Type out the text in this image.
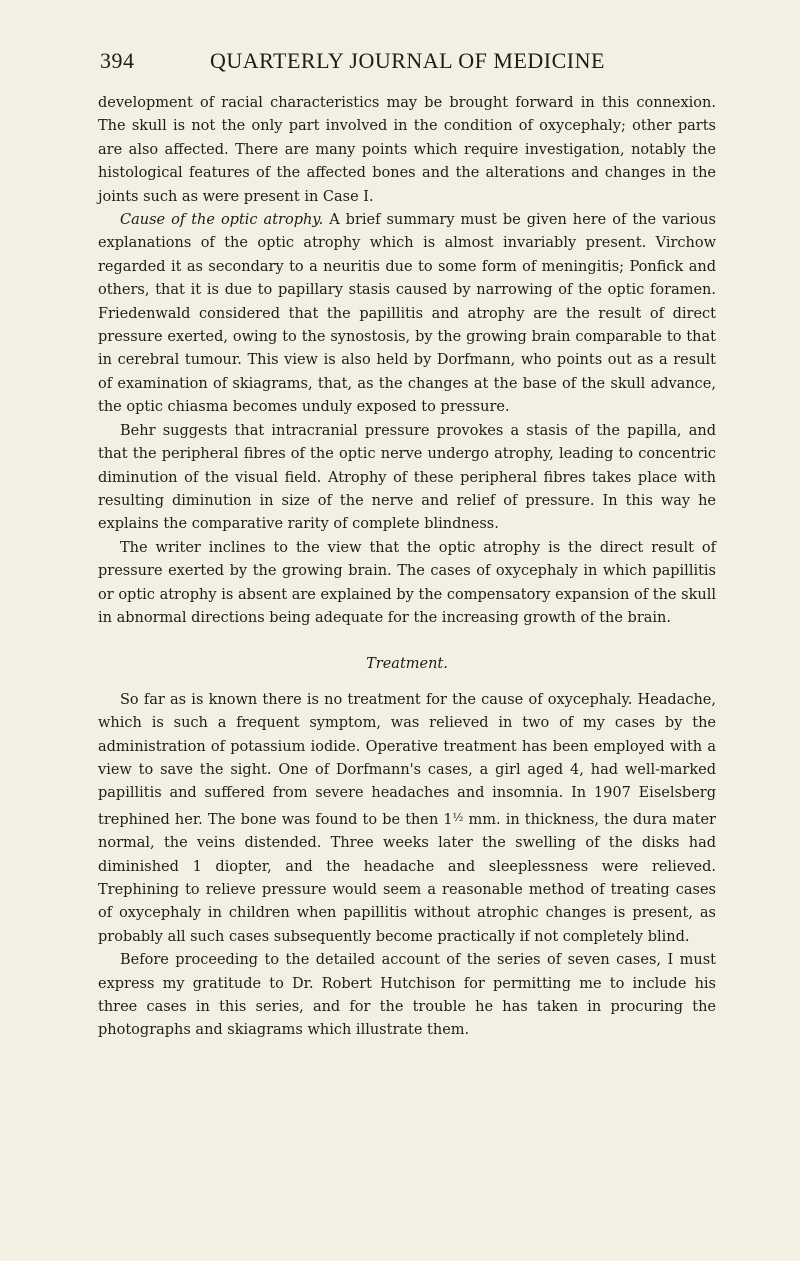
394	QUARTERLY JOURNAL OF MEDICINE

development of racial characteristics may be brought forward in this connexion. The skull is not the only part involved in the condition of oxycephaly; other parts are also affected. There are many points which require investigation, notably the histological features of the affected bones and the alterations and changes in the joints such as were present in Case I.

Cause of the optic atrophy. A brief summary must be given here of the various explanations of the optic atrophy which is almost invariably present. Virchow regarded it as secondary to a neuritis due to some form of meningitis; Ponfick and others, that it is due to papillary stasis caused by narrowing of the optic foramen. Friedenwald considered that the papillitis and atrophy are the result of direct pressure exerted, owing to the synostosis, by the growing brain comparable to that in cerebral tumour. This view is also held by Dorfmann, who points out as a result of examination of skiagrams, that, as the changes at the base of the skull advance, the optic chiasma becomes unduly exposed to pressure.

Behr suggests that intracranial pressure provokes a stasis of the papilla, and that the peripheral fibres of the optic nerve undergo atrophy, leading to concentric diminution of the visual field. Atrophy of these peripheral fibres takes place with resulting diminution in size of the nerve and relief of pressure. In this way he explains the comparative rarity of complete blindness.

The writer inclines to the view that the optic atrophy is the direct result of pressure exerted by the growing brain. The cases of oxycephaly in which papillitis or optic atrophy is absent are explained by the compensatory expansion of the skull in abnormal directions being adequate for the increasing growth of the brain.

Treatment.

So far as is known there is no treatment for the cause of oxycephaly. Headache, which is such a frequent symptom, was relieved in two of my cases by the administration of potassium iodide. Operative treatment has been employed with a view to save the sight. One of Dorfmann's cases, a girl aged 4, had well-marked papillitis and suffered from severe headaches and insomnia. In 1907 Eiselsberg trephined her. The bone was found to be then $1^{\frac{1}{2}}$ mm. in thickness, the dura mater normal, the veins distended. Three weeks later the swelling of the disks had diminished 1 diopter, and the headache and sleeplessness were relieved. Trephining to relieve pressure would seem a reasonable method of treating cases of oxycephaly in children when papillitis without atrophic changes is present, as probably all such cases subsequently become practically if not completely blind.

Before proceeding to the detailed account of the series of seven cases, I must express my gratitude to Dr. Robert Hutchison for permitting me to include his three cases in this series, and for the trouble he has taken in procuring the photographs and skiagrams which illustrate them.
